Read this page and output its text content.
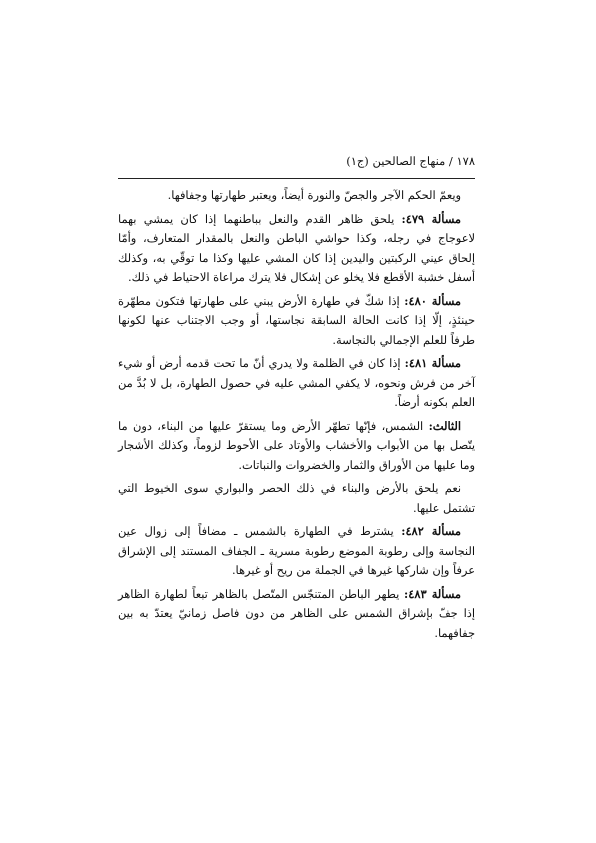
١٧٨ / منهاج الصالحين (ج١)

ويعمّ الحكم الآجر والجصّ والنورة أيضاً، ويعتبر طهارتها وجفافها.

مسألة ٤٧٩: يلحق ظاهر القدم والنعل بباطنهما إذا كان يمشي بهما لاعوجاج في رجله، وكذا حواشي الباطن والنعل بالمقدار المتعارف، وأمّا إلحاق عيني الركبتين واليدين إذا كان المشي عليها وكذا ما توقّي به، وكذلك أسفل خشبة الأقطع فلا يخلو عن إشكال فلا يترك مراعاة الاحتياط في ذلك.

مسألة ٤٨٠: إذا شكّ في طهارة الأرض يبني على طهارتها فتكون مطهّرة حينئذٍ، إلّا إذا كانت الحالة السابقة نجاستها، أو وجب الاجتناب عنها لكونها طرفاً للعلم الإجمالي بالنجاسة.

مسألة ٤٨١: إذا كان في الظلمة ولا يدري أنّ ما تحت قدمه أرض أو شيء آخر من فرش ونحوه، لا يكفي المشي عليه في حصول الطهارة، بل لا بُدَّ من العلم بكونه أرضاً.

الثالث: الشمس، فإنّها تطهّر الأرض وما يستقرّ عليها من البناء، دون ما يتّصل بها من الأبواب والأخشاب والأوتاد على الأحوط لزوماً، وكذلك الأشجار وما عليها من الأوراق والثمار والخضروات والنباتات.

نعم يلحق بالأرض والبناء في ذلك الحصر والبواري سوى الخيوط التي تشتمل عليها.

مسألة ٤٨٢: يشترط في الطهارة بالشمس ـ مضافاً إلى زوال عين النجاسة وإلى رطوبة الموضع رطوبة مسرية ـ الجفاف المستند إلى الإشراق عرفاً وإن شاركها غيرها في الجملة من ريح أو غيرها.

مسألة ٤٨٣: يطهر الباطن المتنجّس المتّصل بالظاهر تبعاً لطهارة الظاهر إذا جفّ بإشراق الشمس على الظاهر من دون فاصل زمانيّ يعتدّ به بين جفافهما.
